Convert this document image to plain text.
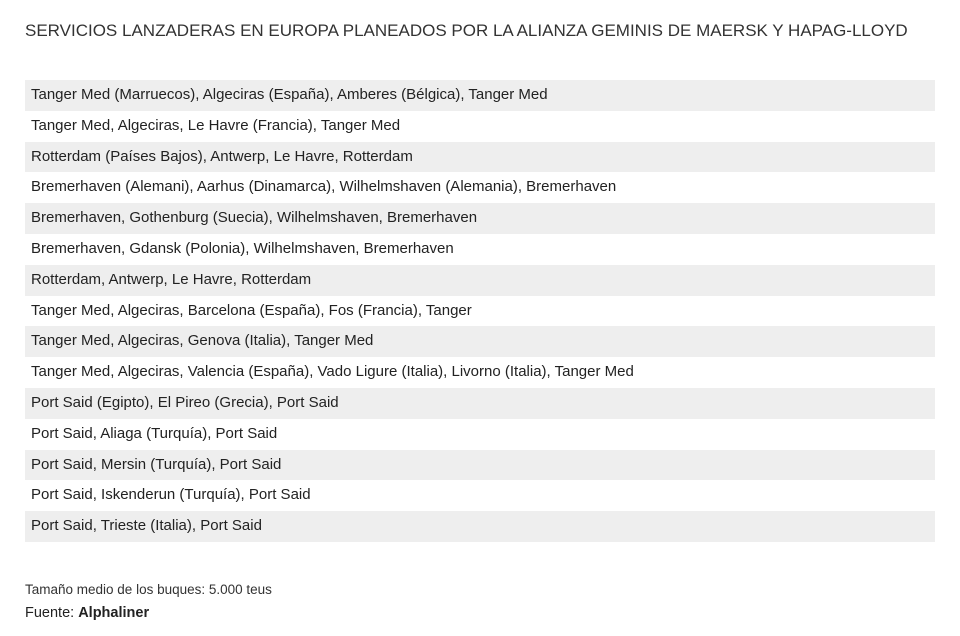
SERVICIOS LANZADERAS EN EUROPA PLANEADOS POR LA ALIANZA GEMINIS DE MAERSK Y HAPAG-LLOYD
Tanger Med (Marruecos), Algeciras (España), Amberes (Bélgica), Tanger Med
Tanger Med, Algeciras, Le Havre (Francia), Tanger Med
Rotterdam (Países Bajos), Antwerp, Le Havre, Rotterdam
Bremerhaven (Alemani), Aarhus (Dinamarca), Wilhelmshaven (Alemania), Bremerhaven
Bremerhaven, Gothenburg (Suecia), Wilhelmshaven, Bremerhaven
Bremerhaven, Gdansk (Polonia), Wilhelmshaven, Bremerhaven
Rotterdam, Antwerp, Le Havre, Rotterdam
Tanger Med, Algeciras, Barcelona (España), Fos (Francia), Tanger
Tanger Med, Algeciras, Genova (Italia), Tanger Med
Tanger Med, Algeciras, Valencia (España), Vado Ligure (Italia), Livorno (Italia), Tanger Med
Port Said (Egipto), El Pireo (Grecia), Port Said
Port Said, Aliaga (Turquía), Port Said
Port Said, Mersin (Turquía), Port Said
Port Said, Iskenderun (Turquía), Port Said
Port Said, Trieste (Italia), Port Said
Tamaño medio de los buques: 5.000 teus
Fuente: Alphaliner
